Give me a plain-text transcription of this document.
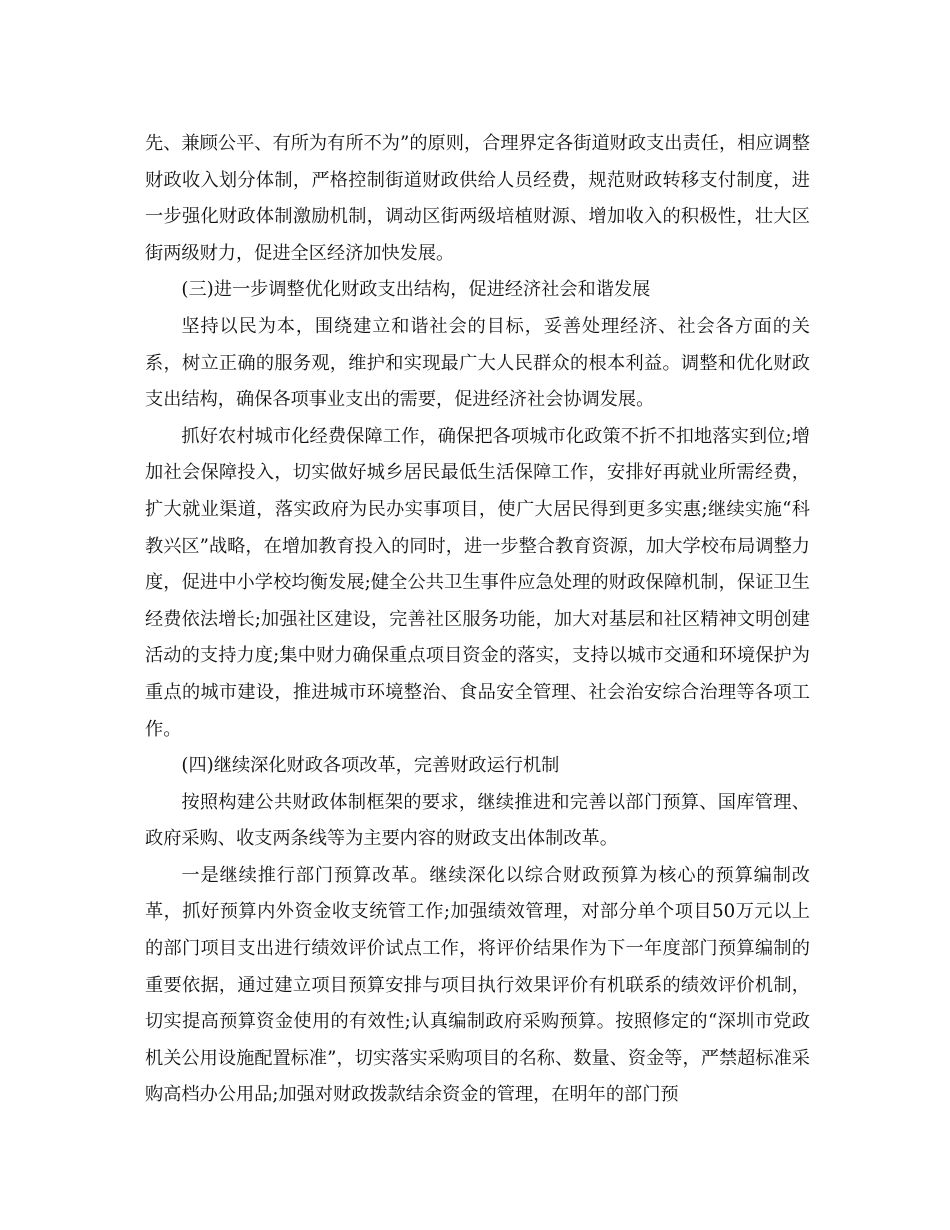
先、兼顾公平、有所为有所不为”的原则，合理界定各街道财政支出责任，相应调整财政收入划分体制，严格控制街道财政供给人员经费，规范财政转移支付制度，进一步强化财政体制激励机制，调动区街两级培植财源、增加收入的积极性，壮大区街两级财力，促进全区经济加快发展。

(三)进一步调整优化财政支出结构，促进经济社会和谐发展

坚持以民为本，围绕建立和谐社会的目标，妥善处理经济、社会各方面的关系，树立正确的服务观，维护和实现最广大人民群众的根本利益。调整和优化财政支出结构，确保各项事业支出的需要，促进经济社会协调发展。

抓好农村城市化经费保障工作，确保把各项城市化政策不折不扣地落实到位;增加社会保障投入，切实做好城乡居民最低生活保障工作，安排好再就业所需经费，扩大就业渠道，落实政府为民办实事项目，使广大居民得到更多实惠;继续实施“科教兴区”战略，在增加教育投入的同时，进一步整合教育资源，加大学校布局调整力度，促进中小学校均衡发展;健全公共卫生事件应急处理的财政保障机制，保证卫生经费依法增长;加强社区建设，完善社区服务功能，加大对基层和社区精神文明创建活动的支持力度;集中财力确保重点项目资金的落实，支持以城市交通和环境保护为重点的城市建设，推进城市环境整治、食品安全管理、社会治安综合治理等各项工作。

(四)继续深化财政各项改革，完善财政运行机制

按照构建公共财政体制框架的要求，继续推进和完善以部门预算、国库管理、政府采购、收支两条线等为主要内容的财政支出体制改革。

一是继续推行部门预算改革。继续深化以综合财政预算为核心的预算编制改革，抓好预算内外资金收支统管工作;加强绩效管理，对部分单个项目50万元以上的部门项目支出进行绩效评价试点工作，将评价结果作为下一年度部门预算编制的重要依据，通过建立项目预算安排与项目执行效果评价有机联系的绩效评价机制，切实提高预算资金使用的有效性;认真编制政府采购预算。按照修定的“深圳市党政机关公用设施配置标准”，切实落实采购项目的名称、数量、资金等，严禁超标准采购高档办公用品;加强对财政拨款结余资金的管理，在明年的部门预
